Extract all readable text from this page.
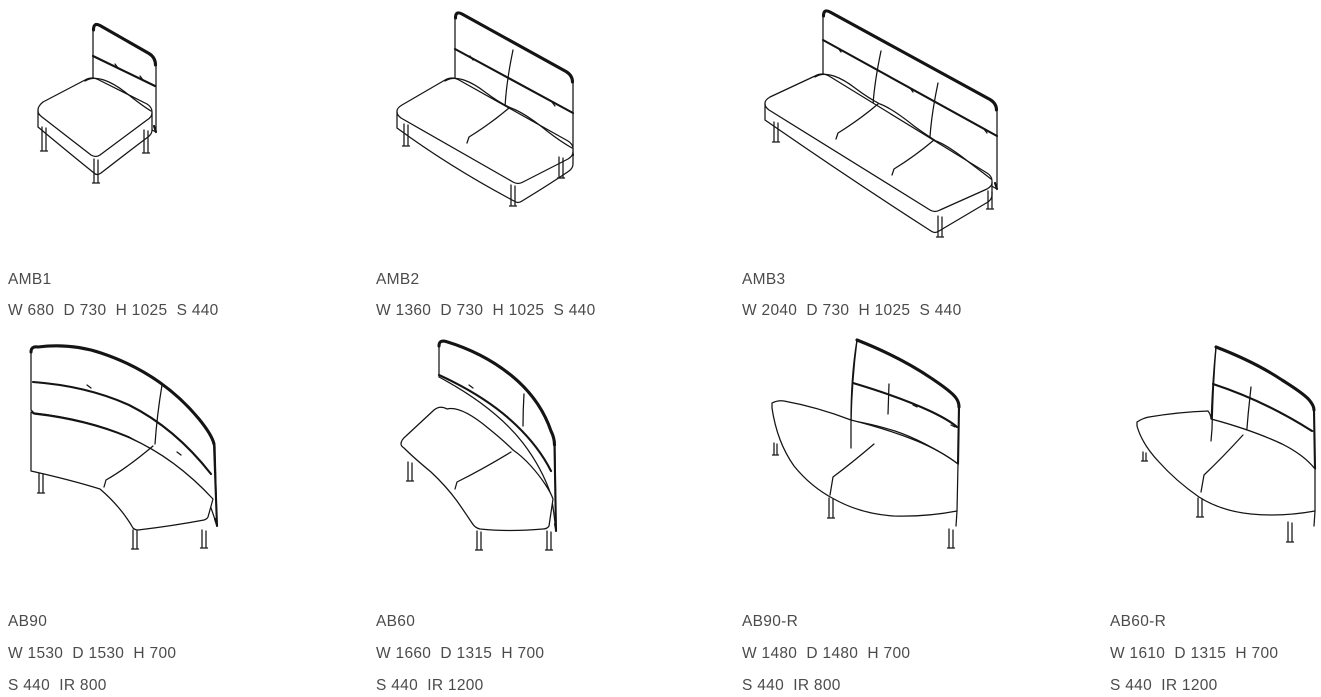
AMB1
W 680  D 730  H 1025  S 440
AMB2
W 1360  D 730  H 1025  S 440
AMB3
W 2040  D 730  H 1025  S 440
AB90
W 1530  D 1530  H 700
S 440  IR 800
AB60
W 1660  D 1315  H 700
S 440  IR 1200
AB90-R
W 1480  D 1480  H 700
S 440  IR 800
AB60-R
W 1610  D 1315  H 700
S 440  IR 1200
